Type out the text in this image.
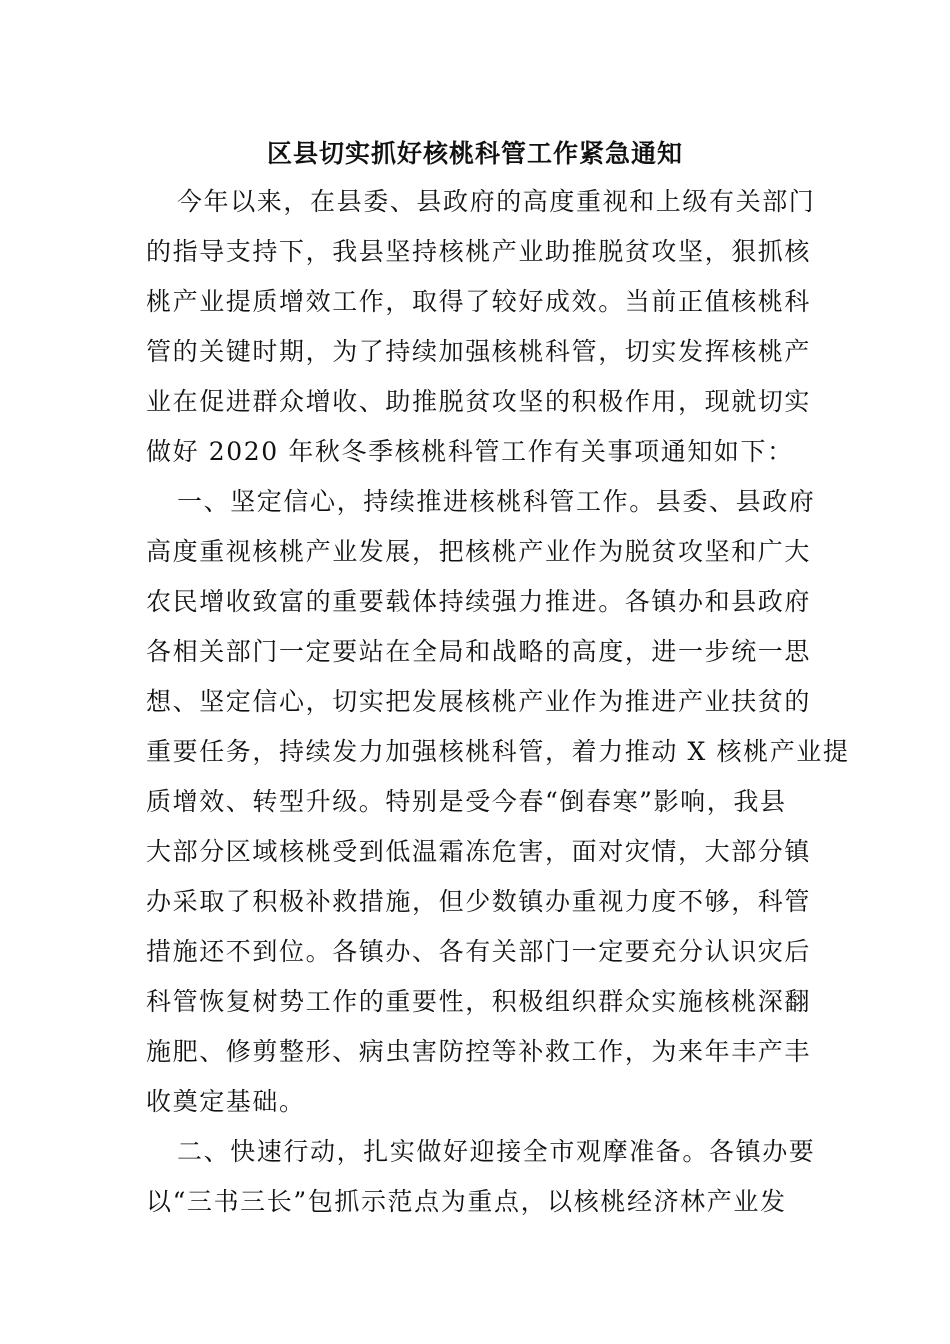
区县切实抓好核桃科管工作紧急通知

今年以来，在县委、县政府的高度重视和上级有关部门

的指导支持下，我县坚持核桃产业助推脱贫攻坚，狠抓核

桃产业提质增效工作，取得了较好成效。当前正值核桃科

管的关键时期，为了持续加强核桃科管，切实发挥核桃产

业在促进群众增收、助推脱贫攻坚的积极作用，现就切实

做好 2020 年秋冬季核桃科管工作有关事项通知如下：

一、坚定信心，持续推进核桃科管工作。县委、县政府

高度重视核桃产业发展，把核桃产业作为脱贫攻坚和广大

农民增收致富的重要载体持续强力推进。各镇办和县政府

各相关部门一定要站在全局和战略的高度，进一步统一思

想、坚定信心，切实把发展核桃产业作为推进产业扶贫的

重要任务，持续发力加强核桃科管，着力推动 X 核桃产业提

质增效、转型升级。特别是受今春“倒春寒”影响，我县

大部分区域核桃受到低温霜冻危害，面对灾情，大部分镇

办采取了积极补救措施，但少数镇办重视力度不够，科管

措施还不到位。各镇办、各有关部门一定要充分认识灾后

科管恢复树势工作的重要性，积极组织群众实施核桃深翻

施肥、修剪整形、病虫害防控等补救工作，为来年丰产丰

收奠定基础。

二、快速行动，扎实做好迎接全市观摩准备。各镇办要

以“三书三长”包抓示范点为重点，以核桃经济林产业发
